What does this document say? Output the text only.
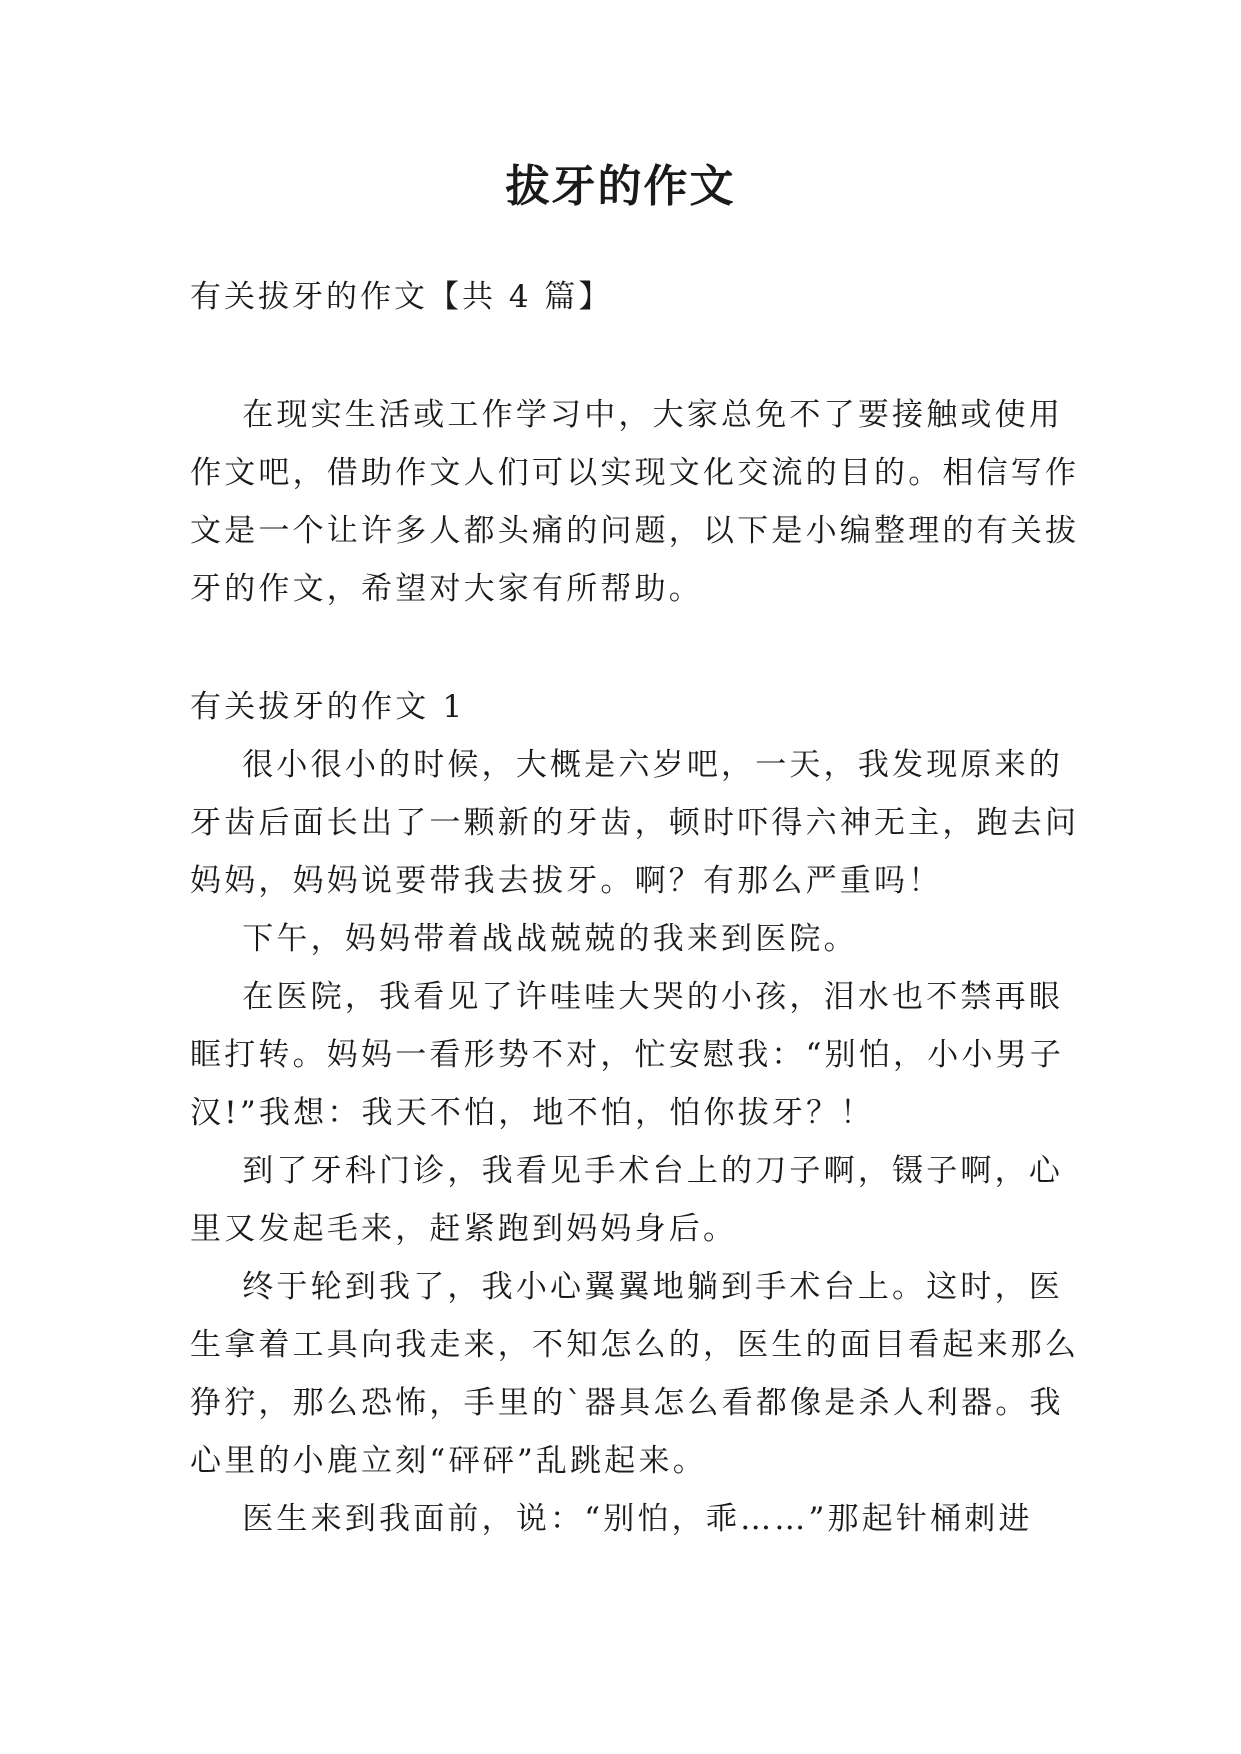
拔牙的作文
有关拔牙的作文【共 4 篇】
在现实生活或工作学习中，大家总免不了要接触或使用
作文吧，借助作文人们可以实现文化交流的目的。相信写作
文是一个让许多人都头痛的问题，以下是小编整理的有关拔
牙的作文，希望对大家有所帮助。
有关拔牙的作文 1
很小很小的时候，大概是六岁吧，一天，我发现原来的
牙齿后面长出了一颗新的牙齿，顿时吓得六神无主，跑去问
妈妈，妈妈说要带我去拔牙。啊？有那么严重吗！
下午，妈妈带着战战兢兢的我来到医院。
在医院，我看见了许哇哇大哭的小孩，泪水也不禁再眼
眶打转。妈妈一看形势不对，忙安慰我：“别怕，小小男子
汉!”我想：我天不怕，地不怕，怕你拔牙？！
到了牙科门诊，我看见手术台上的刀子啊，镊子啊，心
里又发起毛来，赶紧跑到妈妈身后。
终于轮到我了，我小心翼翼地躺到手术台上。这时，医
生拿着工具向我走来，不知怎么的，医生的面目看起来那么
狰狞，那么恐怖，手里的`器具怎么看都像是杀人利器。我
心里的小鹿立刻“砰砰”乱跳起来。
医生来到我面前，说：“别怕，乖……”那起针桶刺进
